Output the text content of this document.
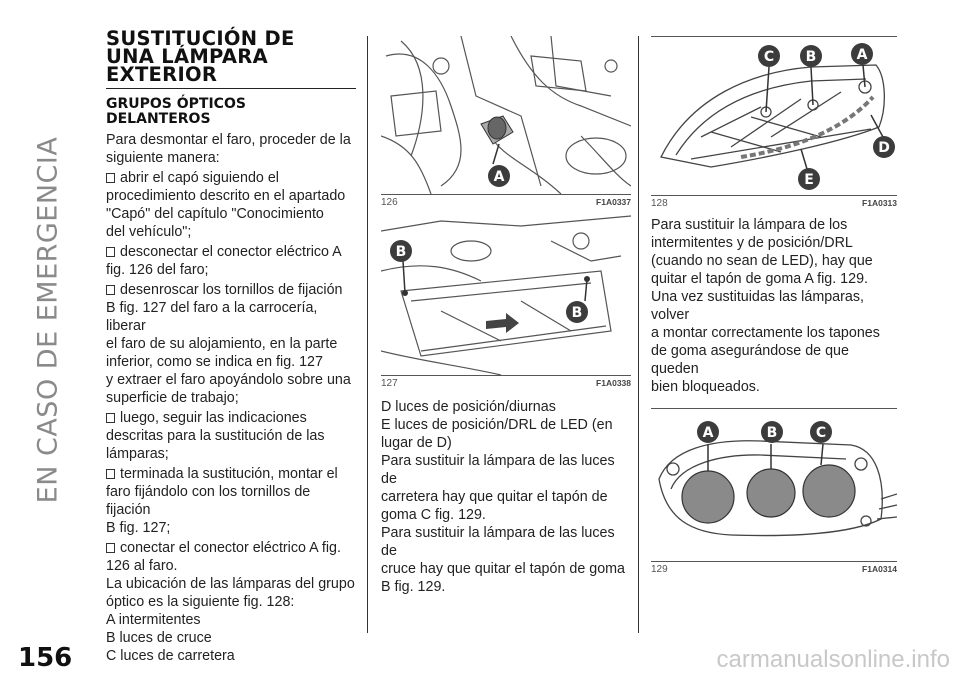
EN CASO DE EMERGENCIA
156
SUSTITUCIÓN DE
UNA LÁMPARA
EXTERIOR
GRUPOS ÓPTICOS
DELANTEROS
Para desmontar el faro, proceder de la
siguiente manera:
abrir el capó siguiendo el
procedimiento descrito en el apartado
"Capó" del capítulo "Conocimiento
del vehículo";
desconectar el conector eléctrico A
fig. 126 del faro;
desenroscar los tornillos de fijación
B fig. 127 del faro a la carrocería, liberar
el faro de su alojamiento, en la parte
inferior, como se indica en fig. 127
y extraer el faro apoyándolo sobre una
superficie de trabajo;
luego, seguir las indicaciones
descritas para la sustitución de las
lámparas;
terminada la sustitución, montar el
faro fijándolo con los tornillos de fijación
B fig. 127;
conectar el conector eléctrico A fig.
126 al faro.
La ubicación de las lámparas del grupo
óptico es la siguiente fig. 128:
A intermitentes
B luces de cruce
C luces de carretera
A
126	F1A0337
B
B
127	F1A0338
D luces de posición/diurnas
E luces de posición/DRL de LED (en
lugar de D)
Para sustituir la lámpara de las luces de
carretera hay que quitar el tapón de
goma C fig. 129.
Para sustituir la lámpara de las luces de
cruce hay que quitar el tapón de goma
B fig. 129.
C B	A
D
E
128	F1A0313
Para sustituir la lámpara de los
intermitentes y de posición/DRL
(cuando no sean de LED), hay que
quitar el tapón de goma A fig. 129.
Una vez sustituidas las lámparas, volver
a montar correctamente los tapones
de goma asegurándose de que queden
bien bloqueados.
A	B	C
129	F1A0314
carmanualsonline.info
